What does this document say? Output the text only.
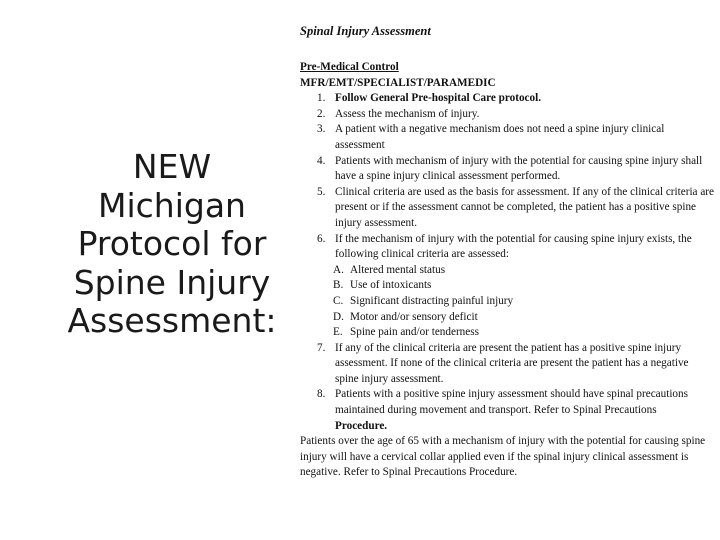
NEW
Michigan
Protocol for
Spine Injury
Assessment:
Spinal Injury Assessment
Pre-Medical Control
MFR/EMT/SPECIALIST/PARAMEDIC
1. Follow General Pre-hospital Care protocol.
2. Assess the mechanism of injury.
3. A patient with a negative mechanism does not need a spine injury clinical
assessment
4. Patients with mechanism of injury with the potential for causing spine injury shall
have a spine injury clinical assessment performed.
5. Clinical criteria are used as the basis for assessment. If any of the clinical criteria are
present or if the assessment cannot be completed, the patient has a positive spine
injury assessment.
6. If the mechanism of injury with the potential for causing spine injury exists, the
following clinical criteria are assessed:
A. Altered mental status
B. Use of intoxicants
C. Significant distracting painful injury
D. Motor and/or sensory deficit
E. Spine pain and/or tenderness
7. If any of the clinical criteria are present the patient has a positive spine injury
assessment. If none of the clinical criteria are present the patient has a negative
spine injury assessment.
8. Patients with a positive spine injury assessment should have spinal precautions
maintained during movement and transport. Refer to Spinal Precautions
Procedure.
Patients over the age of 65 with a mechanism of injury with the potential for causing spine
injury will have a cervical collar applied even if the spinal injury clinical assessment is
negative. Refer to Spinal Precautions Procedure.
